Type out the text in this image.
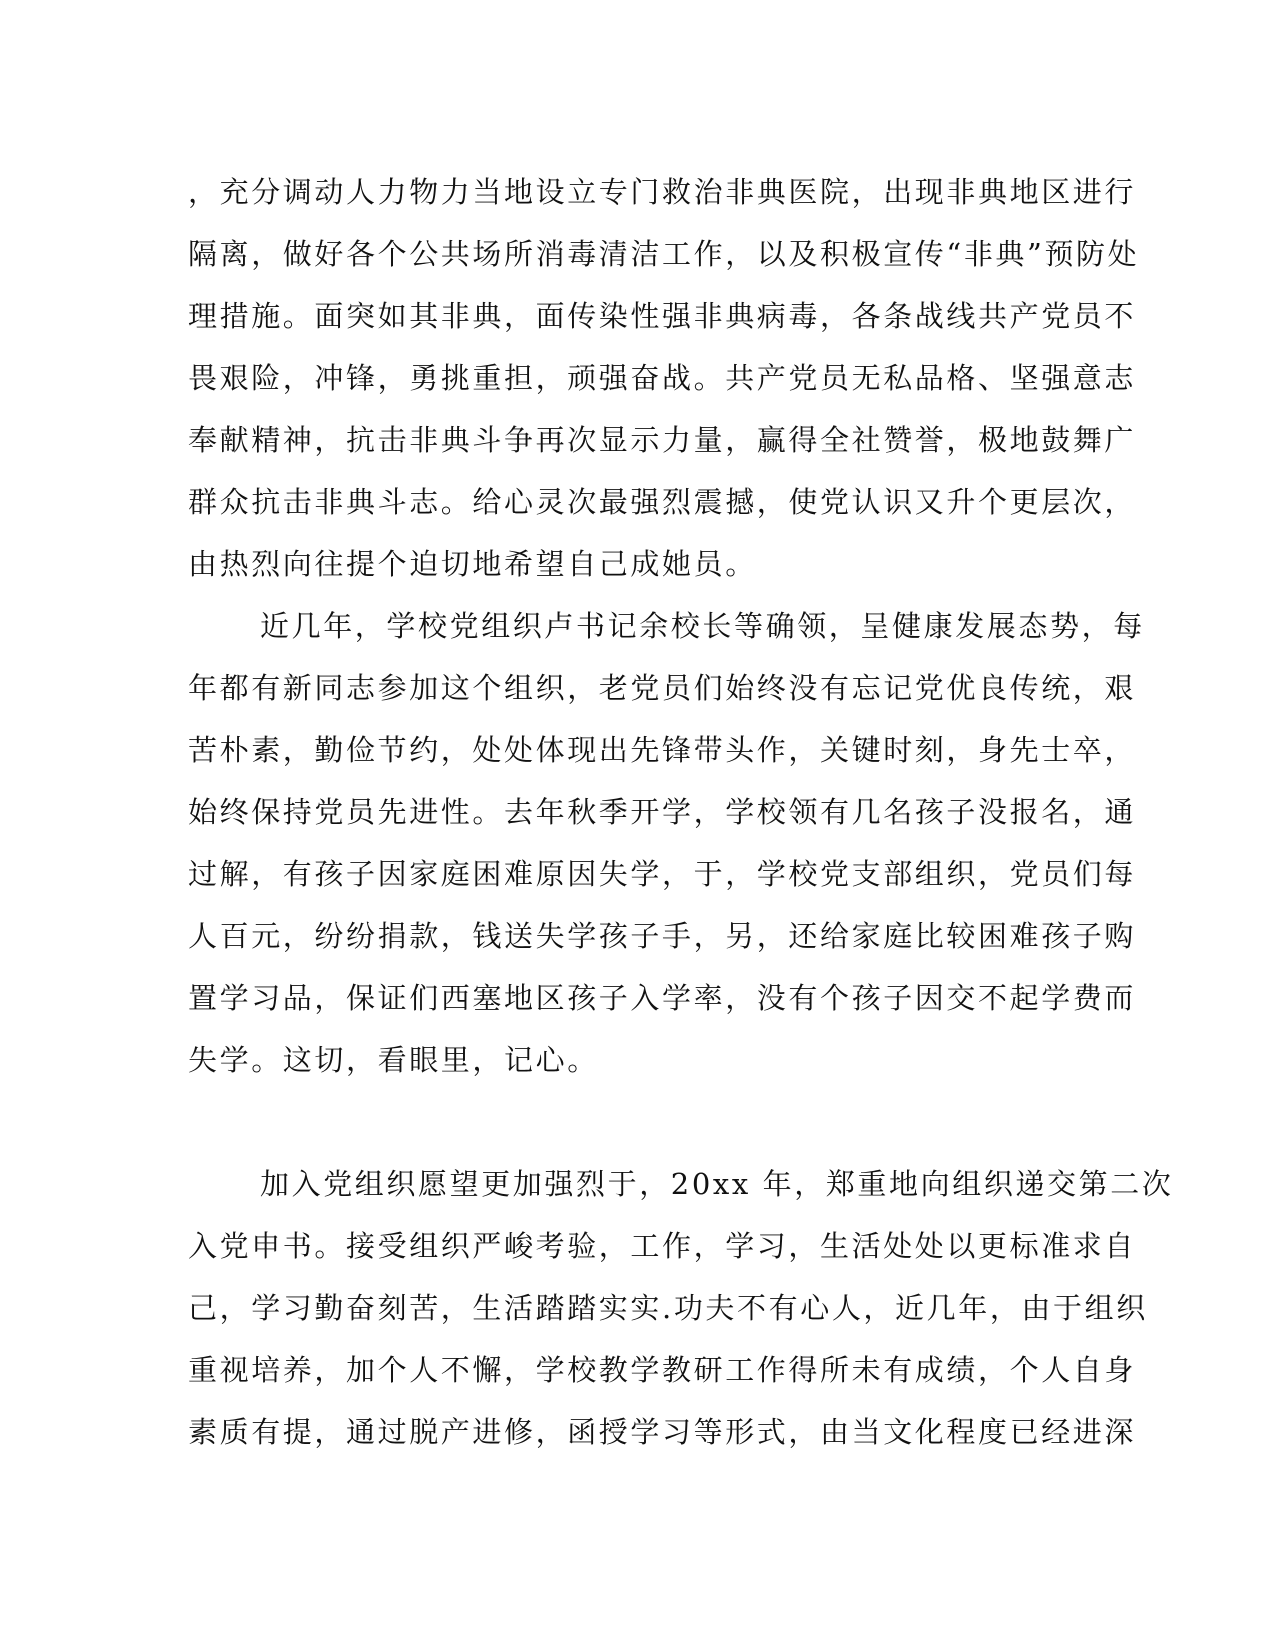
，充分调动人力物力当地设立专门救治非典医院，出现非典地区进行
隔离，做好各个公共场所消毒清洁工作，以及积极宣传“非典”预防处
理措施。面突如其非典，面传染性强非典病毒，各条战线共产党员不
畏艰险，冲锋，勇挑重担，顽强奋战。共产党员无私品格、坚强意志
奉献精神，抗击非典斗争再次显示力量，赢得全社赞誉，极地鼓舞广
群众抗击非典斗志。给心灵次最强烈震撼，使党认识又升个更层次，
由热烈向往提个迫切地希望自己成她员。
近几年，学校党组织卢书记余校长等确领，呈健康发展态势，每
年都有新同志参加这个组织，老党员们始终没有忘记党优良传统，艰
苦朴素，勤俭节约，处处体现出先锋带头作，关键时刻，身先士卒，
始终保持党员先进性。去年秋季开学，学校领有几名孩子没报名，通
过解，有孩子因家庭困难原因失学，于，学校党支部组织，党员们每
人百元，纷纷捐款，钱送失学孩子手，另，还给家庭比较困难孩子购
置学习品，保证们西塞地区孩子入学率，没有个孩子因交不起学费而
失学。这切，看眼里，记心。
加入党组织愿望更加强烈于，20xx 年，郑重地向组织递交第二次
入党申书。接受组织严峻考验，工作，学习，生活处处以更标准求自
己，学习勤奋刻苦，生活踏踏实实.功夫不有心人，近几年，由于组织
重视培养，加个人不懈，学校教学教研工作得所未有成绩，个人自身
素质有提，通过脱产进修，函授学习等形式，由当文化程度已经进深
